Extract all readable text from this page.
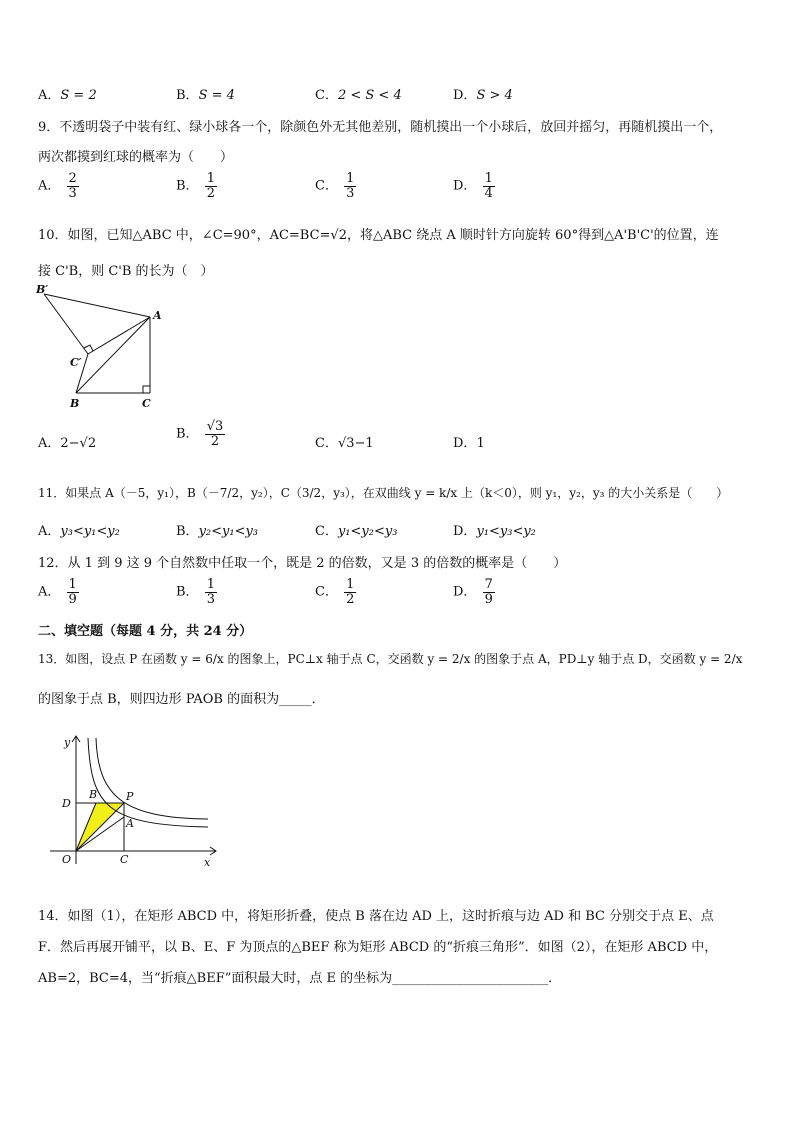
A．S = 2	B．S = 4	C．2 < S < 4	D．S > 4
9．不透明袋子中装有红、绿小球各一个，除颜色外无其他差别，随机摸出一个小球后，放回并摇匀，再随机摸出一个，
两次都摸到红球的概率为（　　）
A． $\frac{2}{3}$	B． $\frac{1}{2}$	C． $\frac{1}{3}$	D． $\frac{1}{4}$
10．如图，已知△ABC 中，∠C=90°，AC=BC=√2，将△ABC 绕点 A 顺时针方向旋转 60°得到△A'B'C'的位置，连
接 C'B，则 C'B 的长为（　）
B′
A
C′
B	C
A．2−√2
B． $\frac{√3}{2}$	C．√3−1	D．1
11．如果点 A（－5，y₁），B（－7/2，y₂），C（3/2，y₃），在双曲线 y = k/x 上（k＜0），则 y₁，y₂，y₃ 的大小关系是（　　）
A．y₃<y₁<y₂	B．y₂<y₁<y₃	C．y₁<y₂<y₃	D．y₁<y₃<y₂
12．从 1 到 9 这 9 个自然数中任取一个，既是 2 的倍数，又是 3 的倍数的概率是（　　）
A． $\frac{1}{9}$	B． $\frac{1}{3}$	C． $\frac{1}{2}$	D． $\frac{7}{9}$
二、填空题（每题 4 分，共 24 分）
13．如图，设点 P 在函数 y = 6/x 的图象上，PC⊥x 轴于点 C，交函数 y = 2/x 的图象于点 A，PD⊥y 轴于点 D，交函数 y = 2/x
的图象于点 B，则四边形 PAOB 的面积为_____．
y
x
O
D
B	P
A
C
14．如图（1），在矩形 ABCD 中，将矩形折叠，使点 B 落在边 AD 上，这时折痕与边 AD 和 BC 分别交于点 E、点
F．然后再展开铺平，以 B、E、F 为顶点的△BEF 称为矩形 ABCD 的“折痕三角形”．如图（2），在矩形 ABCD 中，
AB=2，BC=4，当“折痕△BEF”面积最大时，点 E 的坐标为________________________．
